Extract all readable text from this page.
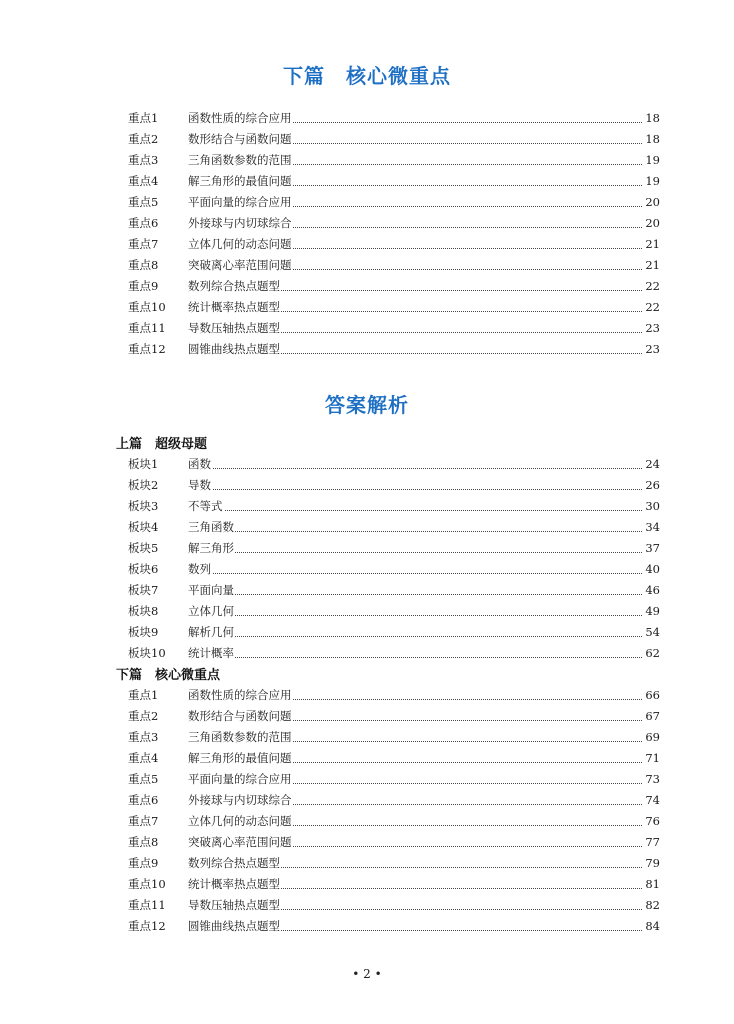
下篇　核心微重点
重点1	函数性质的综合应用	18
重点2	数形结合与函数问题	18
重点3	三角函数参数的范围	19
重点4	解三角形的最值问题	19
重点5	平面向量的综合应用	20
重点6	外接球与内切球综合	20
重点7	立体几何的动态问题	21
重点8	突破离心率范围问题	21
重点9	数列综合热点题型	22
重点10	统计概率热点题型	22
重点11	导数压轴热点题型	23
重点12	圆锥曲线热点题型	23
答案解析
上篇　超级母题
板块1	函数	24
板块2	导数	26
板块3	不等式	30
板块4	三角函数	34
板块5	解三角形	37
板块6	数列	40
板块7	平面向量	46
板块8	立体几何	49
板块9	解析几何	54
板块10	统计概率	62
下篇　核心微重点
重点1	函数性质的综合应用	66
重点2	数形结合与函数问题	67
重点3	三角函数参数的范围	69
重点4	解三角形的最值问题	71
重点5	平面向量的综合应用	73
重点6	外接球与内切球综合	74
重点7	立体几何的动态问题	76
重点8	突破离心率范围问题	77
重点9	数列综合热点题型	79
重点10	统计概率热点题型	81
重点11	导数压轴热点题型	82
重点12	圆锥曲线热点题型	84
• 2 •
